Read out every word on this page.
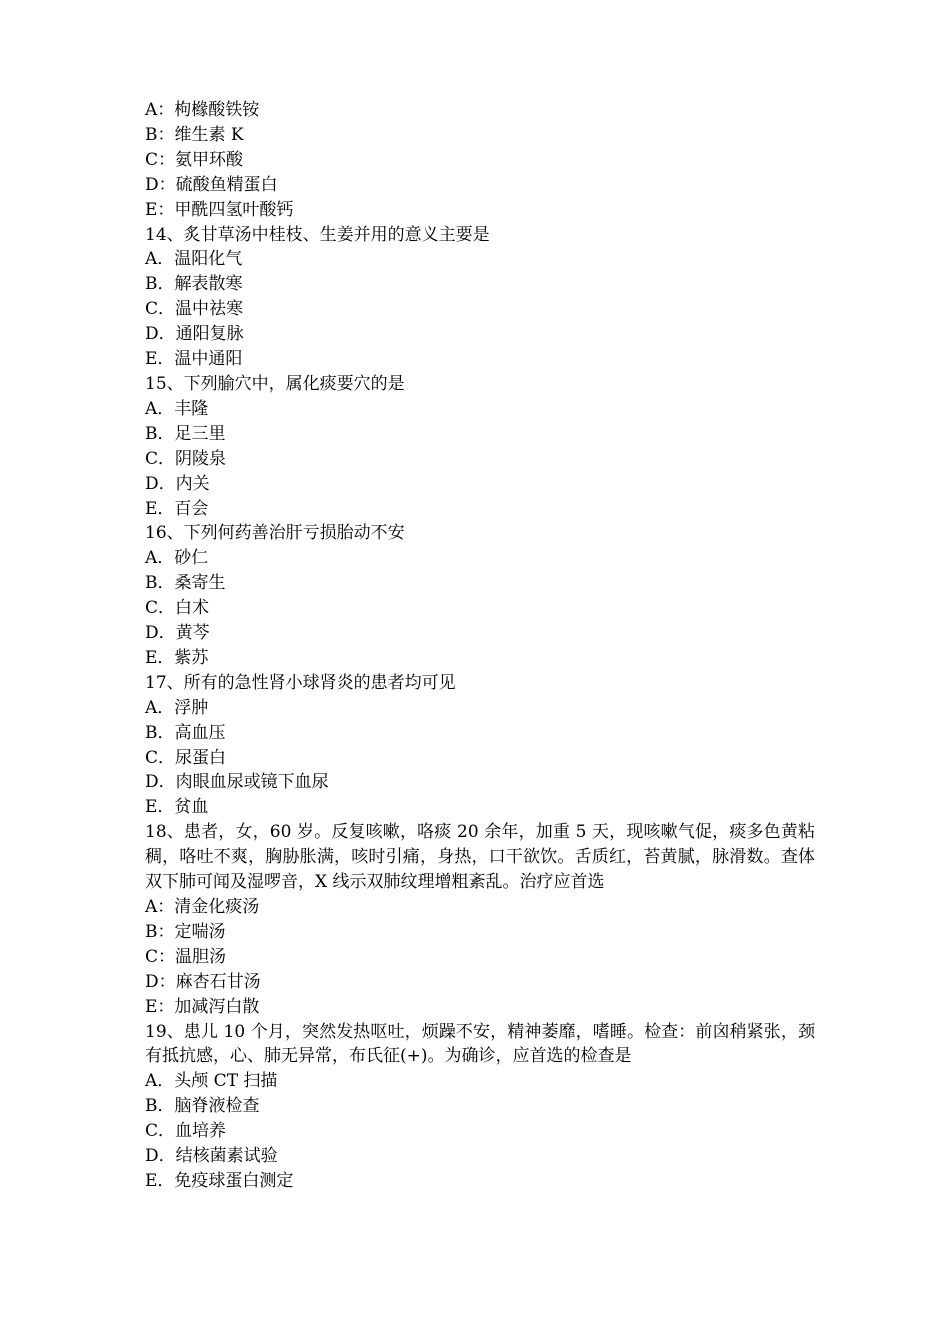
A：枸橼酸铁铵
B：维生素 K
C：氨甲环酸
D：硫酸鱼精蛋白
E：甲酰四氢叶酸钙
14、炙甘草汤中桂枝、生姜并用的意义主要是
A．温阳化气
B．解表散寒
C．温中祛寒
D．通阳复脉
E．温中通阳
15、下列腧穴中，属化痰要穴的是
A．丰隆
B．足三里
C．阴陵泉
D．内关
E．百会
16、下列何药善治肝亏损胎动不安
A．砂仁
B．桑寄生
C．白术
D．黄芩
E．紫苏
17、所有的急性肾小球肾炎的患者均可见
A．浮肿
B．高血压
C．尿蛋白
D．肉眼血尿或镜下血尿
E．贫血
18、患者，女，60 岁。反复咳嗽，咯痰 20 余年，加重 5 天，现咳嗽气促，痰多色黄粘稠，咯吐不爽，胸胁胀满，咳时引痛，身热，口干欲饮。舌质红，苔黄腻，脉滑数。查体双下肺可闻及湿啰音，X 线示双肺纹理增粗紊乱。治疗应首选
A：清金化痰汤
B：定喘汤
C：温胆汤
D：麻杏石甘汤
E：加减泻白散
19、患儿 10 个月，突然发热呕吐，烦躁不安，精神萎靡，嗜睡。检查：前囟稍紧张，颈有抵抗感，心、肺无异常，布氏征(+)。为确诊，应首选的检查是
A．头颅 CT 扫描
B．脑脊液检查
C．血培养
D．结核菌素试验
E．免疫球蛋白测定
